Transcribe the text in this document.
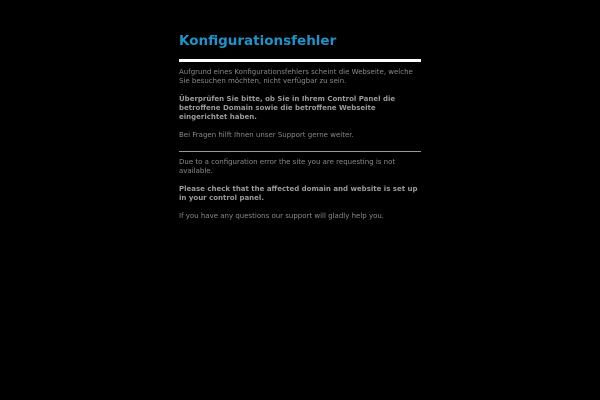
Konfigurationsfehler

Aufgrund eines Konfigurationsfehlers scheint die Webseite, welche Sie besuchen möchten, nicht verfügbar zu sein.

Überprüfen Sie bitte, ob Sie in Ihrem Control Panel die betroffene Domain sowie die betroffene Webseite eingerichtet haben.

Bei Fragen hilft Ihnen unser Support gerne weiter.

Due to a configuration error the site you are requesting is not available.

Please check that the affected domain and website is set up in your control panel.

If you have any questions our support will gladly help you.
